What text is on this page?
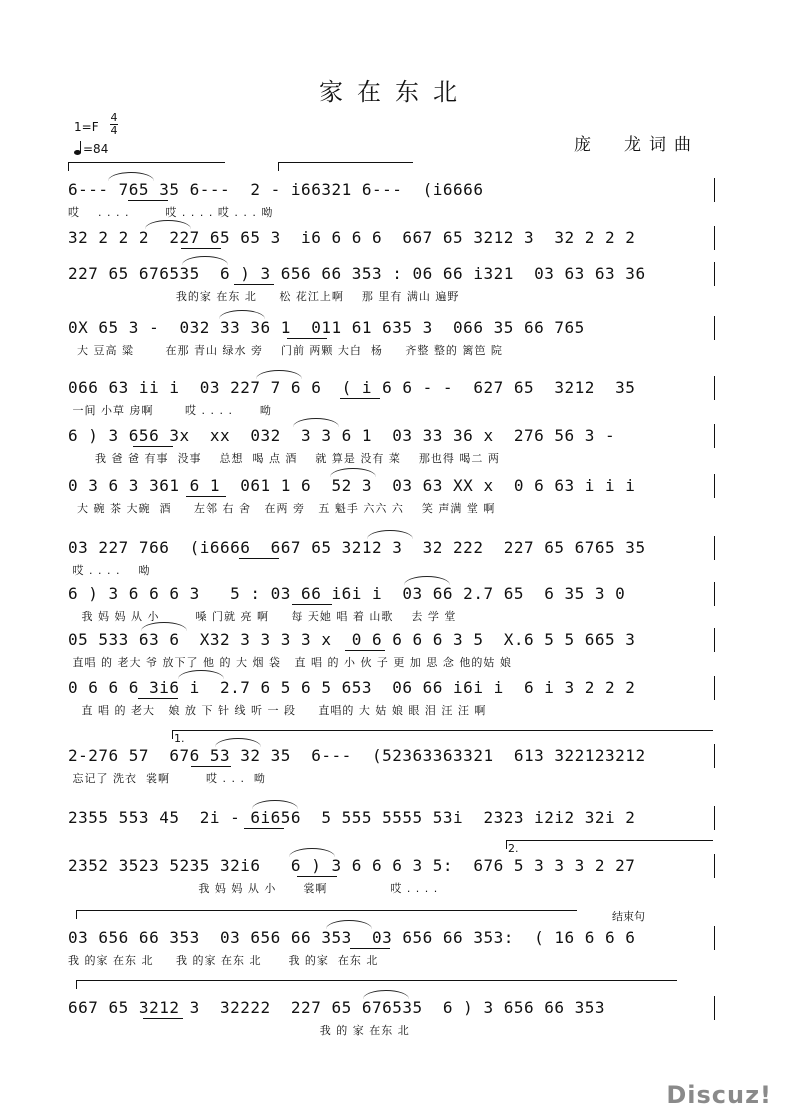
家在东北
1=F
4
4
=84	庞　龙词曲
6--- 765 35 6---  2 - i66321 6---  (i6666
哎    . . . .        哎 . . . . 哎 . . . 呦
32 2 2 2  227 65 65 3  i6 6 6 6  667 65 3212 3  32 2 2 2
227 65 676535  6 ) 3 656 66 353 : 06 66 i321  03 63 63 36
我的家 在东 北     松 花江上啊    那 里有 满山 遍野
0X 65 3 -  032 33 36 1  011 61 635 3  066 35 66 765
大 豆高 粱       在那 青山 绿水 旁    门前 两颗 大白  杨     齐整 整的 篱笆 院
066 63 ii i  03 227 7 6 6  ( i 6 6 - -  627 65  3212  35
一间 小草 房啊       哎 . . . .      呦
6 ) 3 656 3x  xx  032  3 3 6 1  03 33 36 x  276 56 3 -
我 爸 爸 有事  没事    总想  喝 点 酒    就 算是 没有 菜    那也得 喝二 两
0 3 6 3 361 6 1  061 1 6  52 3  03 63 XX x  0 6 63 i i i
大 碗 茶 大碗  酒     左邻 右 舍   在两 旁   五 魁手 六六 六    笑 声满 堂 啊
03 227 766  (i6666  667 65 3212 3  32 222  227 65 6765 35
哎 . . . .    呦
6 ) 3 6 6 6 3   5 : 03 66 i6i i  03 66 2.7 65  6 35 3 0
我 妈 妈 从 小        嗓 门就 亮 啊     每 天她 唱 着 山歌    去 学 堂
05 533 63 6  X32 3 3 3 3 x  0 6 6 6 6 3 5  X.6 5 5 665 3
直唱 的 老大 爷 放下了 他 的 大 烟 袋   直 唱 的 小 伙 子 更 加 思 念 他的姑 娘
0 6 6 6 3i6 i  2.7 6 5 6 5 653  06 66 i6i i  6 i 3 2 2 2
直 唱 的 老大   娘 放 下 针 线 听 一 段     直唱的 大 姑 娘 眼 泪 汪 汪 啊
2-276 57  676 53 32 35  6---  (52363363321  613 322123212
忘记了 洗衣  裳啊        哎 . . .  呦
2355 553 45  2i - 6i656  5 555 5555 53i  2323 i2i2 32i 2
2352 3523 5235 32i6   6 ) 3 6 6 6 3 5:  676 5 3 3 3 2 27
我 妈 妈 从 小      裳啊              哎 . . . .
03 656 66 353  03 656 66 353  03 656 66 353:  ( 16 6 6 6
我 的家 在东 北     我 的家 在东 北      我 的家  在东 北
667 65 3212 3  32222  227 65 676535  6 ) 3 656 66 353
我 的 家 在东 北
Discuz!
1.
2.
结束句
